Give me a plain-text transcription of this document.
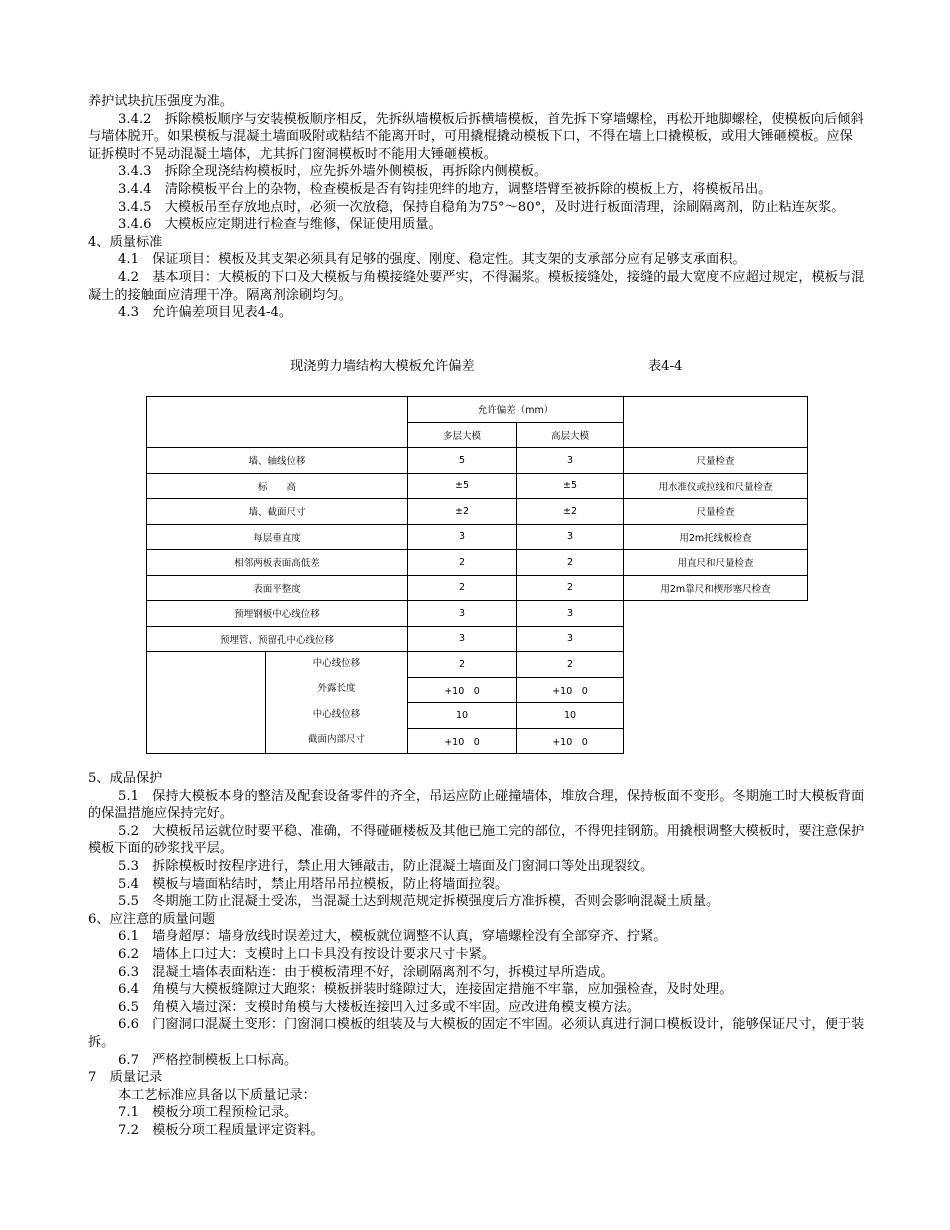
养护试块抗压强度为准。

3.4.2　拆除模板顺序与安装模板顺序相反，先拆纵墙模板后拆横墙模板，首先拆下穿墙螺栓，再松开地脚螺栓，使模板向后倾斜与墙体脱开。如果模板与混凝土墙面吸附或粘结不能离开时，可用撬棍撬动模板下口，不得在墙上口撬模板，或用大锤砸模板。应保证拆模时不晃动混凝土墙体，尤其拆门窗洞模板时不能用大锤砸模板。

3.4.3　拆除全现浇结构模板时，应先拆外墙外侧模板，再拆除内侧模板。

3.4.4　清除模板平台上的杂物，检查模板是否有钩挂兜绊的地方，调整塔臂至被拆除的模板上方，将模板吊出。

3.4.5　大模板吊至存放地点时，必须一次放稳，保持自稳角为75°～80°，及时进行板面清理，涂刷隔离剂，防止粘连灰浆。

3.4.6　大模板应定期进行检查与维修，保证使用质量。

4、质量标准

4.1　保证项目：模板及其支架必须具有足够的强度、刚度、稳定性。其支架的支承部分应有足够支承面积。

4.2　基本项目：大模板的下口及大模板与角模接缝处要严实，不得漏浆。模板接缝处，接缝的最大宽度不应超过规定，模板与混凝土的接触面应清理干净。隔离剂涂刷均匀。

4.3　允许偏差项目见表4-4。

现浇剪力墙结构大模板允许偏差	表4-4
	允许偏差（mm）		
	多层大模	高层大模	
墙、轴线位移	5	3	尺量检查
标　　高	±5	±5	用水准仪或拉线和尺量检查
墙、截面尺寸	±2	±2	尺量检查
每层垂直度	3	3	用2m托线板检查
相邻两板表面高低差	2	2	用直尺和尺量检查
表面平整度	2	2	用2m靠尺和楔形塞尺检查
预埋钢板中心线位移	3	3	
预埋管、预留孔中心线位移	3	3	

中心线位移	2	2	

外露长度	+10　0	+10　0	

中心线位移	10	10	

截面内部尺寸	+10　0	+10　0	

5、成品保护

5.1　保持大模板本身的整洁及配套设备零件的齐全，吊运应防止碰撞墙体，堆放合理，保持板面不变形。冬期施工时大模板背面的保温措施应保持完好。

5.2　大模板吊运就位时要平稳、准确，不得碰砸楼板及其他已施工完的部位，不得兜挂钢筋。用撬根调整大模板时，要注意保护模板下面的砂浆找平层。

5.3　拆除模板时按程序进行，禁止用大锤敲击，防止混凝土墙面及门窗洞口等处出现裂纹。

5.4　模板与墙面粘结时，禁止用塔吊吊拉模板，防止将墙面拉裂。

5.5　冬期施工防止混凝土受冻，当混凝土达到规范规定拆模强度后方准拆模，否则会影响混凝土质量。

6、应注意的质量问题

6.1　墙身超厚：墙身放线时误差过大，模板就位调整不认真，穿墙螺栓没有全部穿齐、拧紧。

6.2　墙体上口过大：支模时上口卡具没有按设计要求尺寸卡紧。

6.3　混凝土墙体表面粘连：由于模板清理不好，涂刷隔离剂不匀，拆模过早所造成。

6.4　角模与大模板缝隙过大跑浆：模板拼装时缝隙过大，连接固定措施不牢靠，应加强检查，及时处理。

6.5　角模入墙过深：支模时角模与大楼板连接凹入过多或不牢固。应改进角模支模方法。

6.6　门窗洞口混凝土变形：门窗洞口模板的组装及与大模板的固定不牢固。必须认真进行洞口模板设计，能够保证尺寸，便于装拆。

6.7　严格控制模板上口标高。

7　质量记录

本工艺标准应具备以下质量记录：

7.1　模板分项工程预检记录。

7.2　模板分项工程质量评定资料。
